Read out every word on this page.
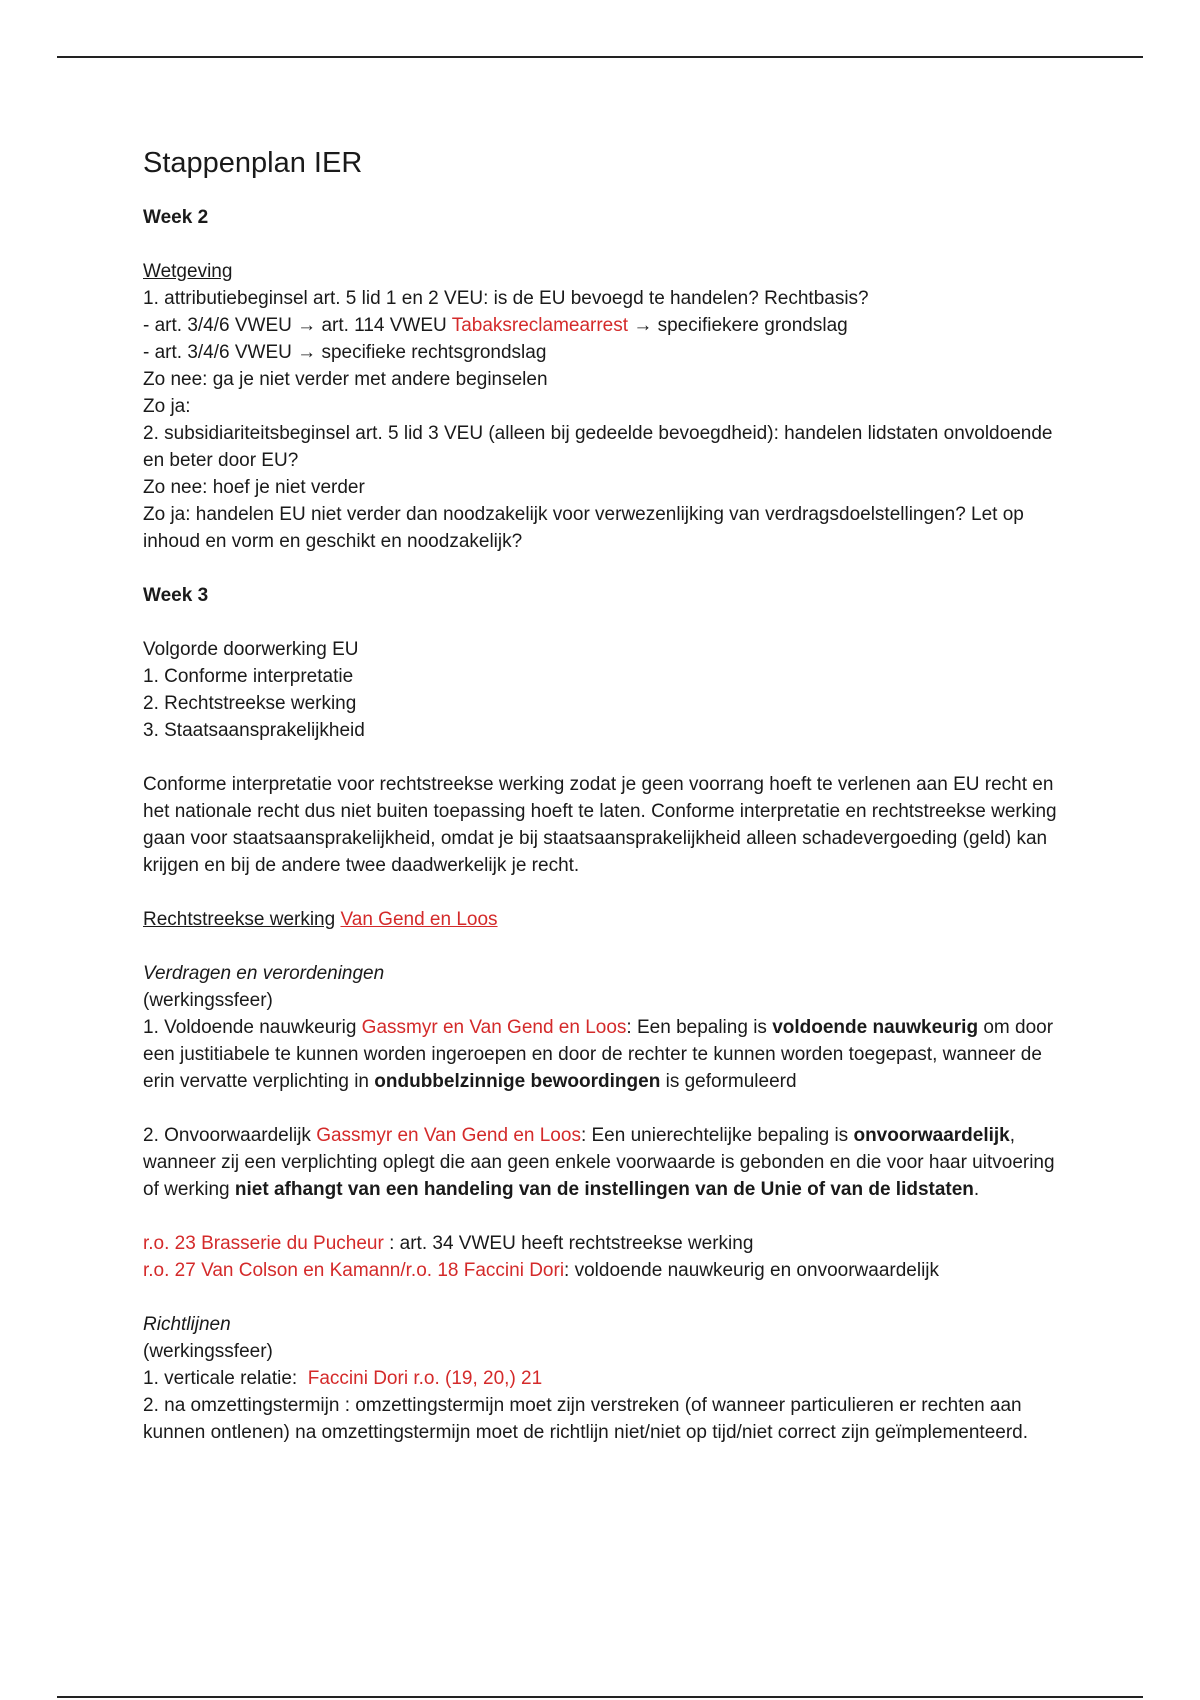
Stappenplan IER
Week 2

Wetgeving

1. attributiebeginsel art. 5 lid 1 en 2 VEU: is de EU bevoegd te handelen? Rechtbasis?

- art. 3/4/6 VWEU → art. 114 VWEU Tabaksreclamearrest → specifiekere grondslag

- art. 3/4/6 VWEU → specifieke rechtsgrondslag

Zo nee: ga je niet verder met andere beginselen

Zo ja:

2. subsidiariteitsbeginsel art. 5 lid 3 VEU (alleen bij gedeelde bevoegdheid): handelen lidstaten onvoldoende en beter door EU?

Zo nee: hoef je niet verder

Zo ja: handelen EU niet verder dan noodzakelijk voor verwezenlijking van verdragsdoelstellingen? Let op inhoud en vorm en geschikt en noodzakelijk?

Week 3

Volgorde doorwerking EU

1. Conforme interpretatie

2. Rechtstreekse werking

3. Staatsaansprakelijkheid

Conforme interpretatie voor rechtstreekse werking zodat je geen voorrang hoeft te verlenen aan EU recht en het nationale recht dus niet buiten toepassing hoeft te laten. Conforme interpretatie en rechtstreekse werking gaan voor staatsaansprakelijkheid, omdat je bij staatsaansprakelijkheid alleen schadevergoeding (geld) kan krijgen en bij de andere twee daadwerkelijk je recht.

Rechtstreekse werking Van Gend en Loos

Verdragen en verordeningen

(werkingssfeer)

1. Voldoende nauwkeurig Gassmyr en Van Gend en Loos: Een bepaling is voldoende nauwkeurig om door een justitiabele te kunnen worden ingeroepen en door de rechter te kunnen worden toegepast, wanneer de erin vervatte verplichting in ondubbelzinnige bewoordingen is geformuleerd

2. Onvoorwaardelijk Gassmyr en Van Gend en Loos: Een unierechtelijke bepaling is onvoorwaardelijk, wanneer zij een verplichting oplegt die aan geen enkele voorwaarde is gebonden en die voor haar uitvoering of werking niet afhangt van een handeling van de instellingen van de Unie of van de lidstaten.

r.o. 23 Brasserie du Pucheur : art. 34 VWEU heeft rechtstreekse werking

r.o. 27 Van Colson en Kamann/r.o. 18 Faccini Dori: voldoende nauwkeurig en onvoorwaardelijk

Richtlijnen

(werkingssfeer)

1. verticale relatie: Faccini Dori r.o. (19, 20,) 21

2. na omzettingstermijn : omzettingstermijn moet zijn verstreken (of wanneer particulieren er rechten aan kunnen ontlenen) na omzettingstermijn moet de richtlijn niet/niet op tijd/niet correct zijn geïmplementeerd.
